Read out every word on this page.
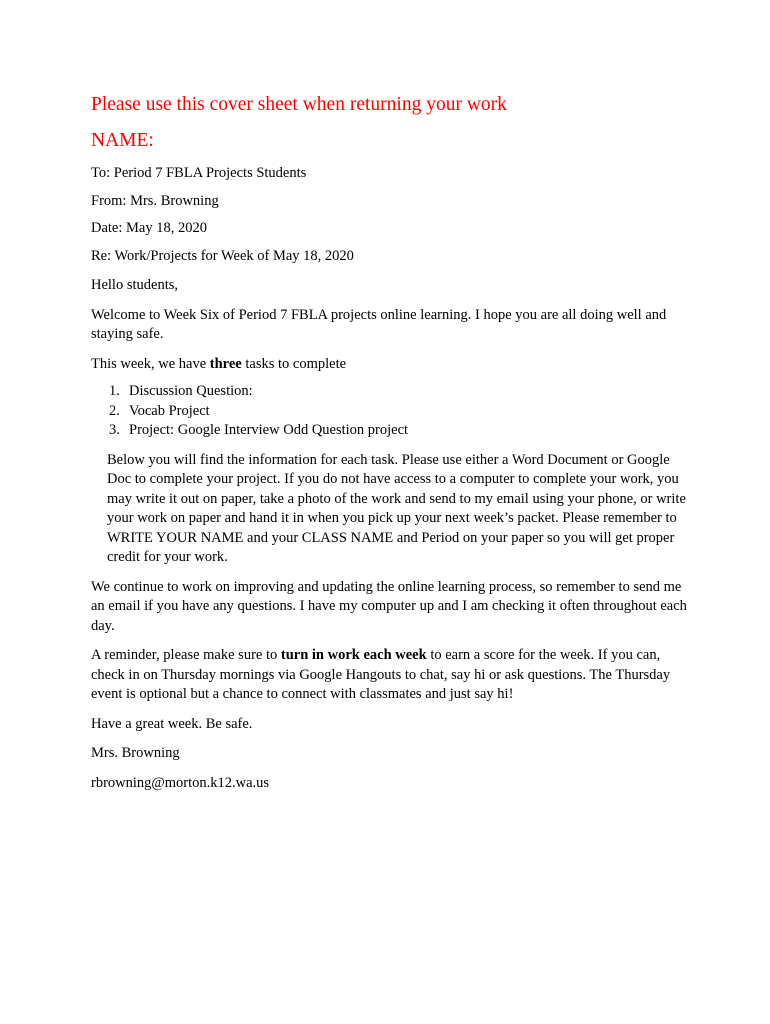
Please use this cover sheet when returning your work

NAME:

To: Period 7 FBLA Projects Students

From: Mrs. Browning

Date: May 18, 2020

Re: Work/Projects for Week of May 18, 2020

Hello students,

Welcome to Week Six of Period 7 FBLA projects online learning. I hope you are all doing well and staying safe.

This week, we have three tasks to complete

1. Discussion Question:
2. Vocab Project
3. Project: Google Interview Odd Question project

Below you will find the information for each task. Please use either a Word Document or Google Doc to complete your project. If you do not have access to a computer to complete your work, you may write it out on paper, take a photo of the work and send to my email using your phone, or write your work on paper and hand it in when you pick up your next week’s packet. Please remember to WRITE YOUR NAME and your CLASS NAME and Period on your paper so you will get proper credit for your work.

We continue to work on improving and updating the online learning process, so remember to send me an email if you have any questions. I have my computer up and I am checking it often throughout each day.

A reminder, please make sure to turn in work each week to earn a score for the week. If you can, check in on Thursday mornings via Google Hangouts to chat, say hi or ask questions. The Thursday event is optional but a chance to connect with classmates and just say hi!

Have a great week. Be safe.

Mrs. Browning

rbrowning@morton.k12.wa.us
